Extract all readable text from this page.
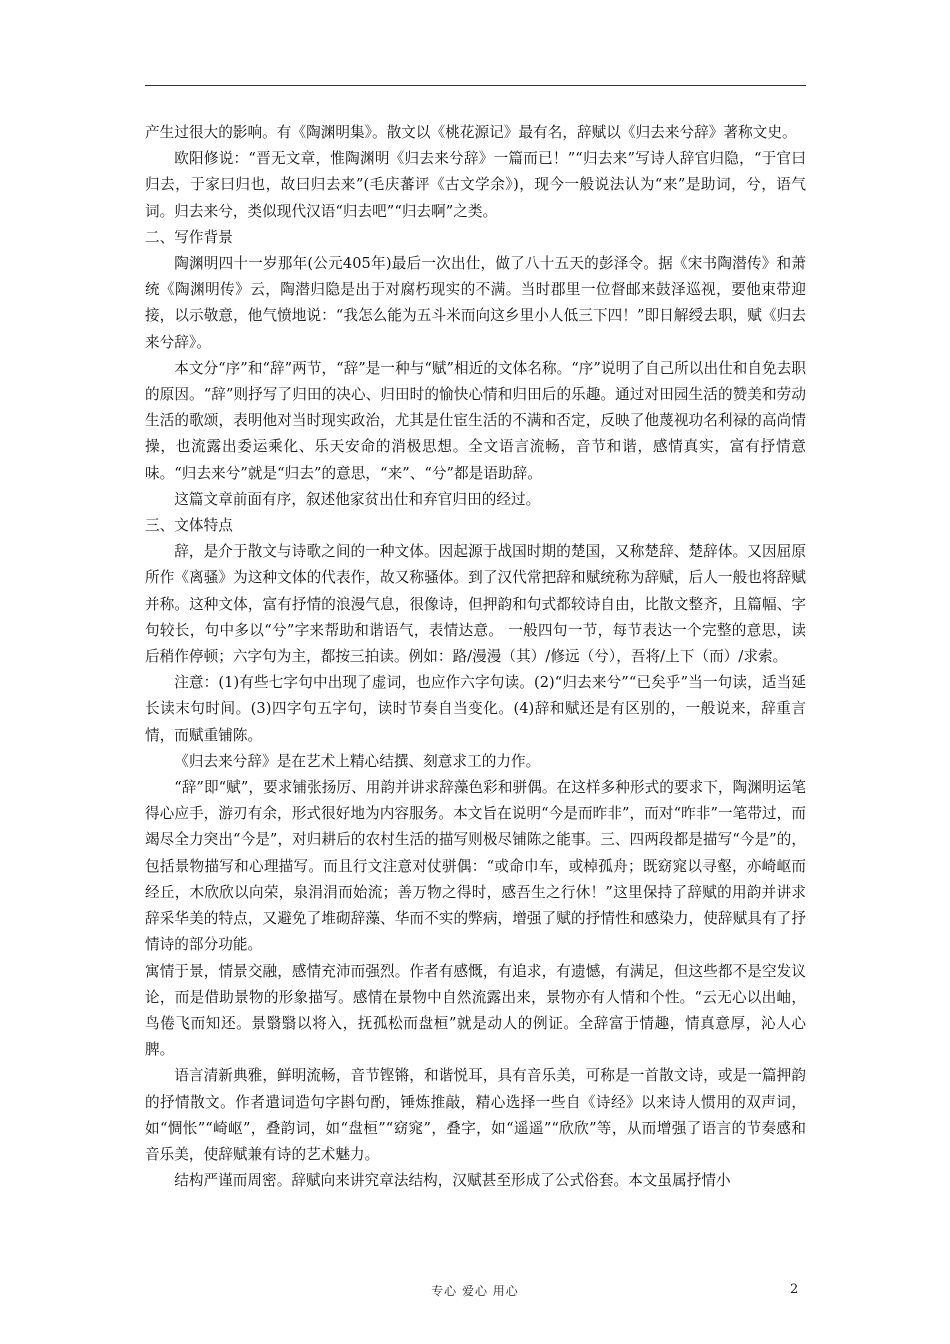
产生过很大的影响。有《陶渊明集》。散文以《桃花源记》最有名，辞赋以《归去来兮辞》著称文史。

欧阳修说：“晋无文章，惟陶渊明《归去来兮辞》一篇而已！”“归去来”写诗人辞官归隐，“于官曰归去，于家曰归也，故曰归去来”(毛庆蕃评《古文学余》)，现今一般说法认为“来”是助词，兮，语气词。归去来兮，类似现代汉语“归去吧”“归去啊”之类。

二、写作背景

陶渊明四十一岁那年(公元405年)最后一次出仕，做了八十五天的彭泽令。据《宋书陶潜传》和萧统《陶渊明传》云，陶潜归隐是出于对腐朽现实的不满。当时郡里一位督邮来鼓泽巡视，要他束带迎接，以示敬意，他气愤地说：“我怎么能为五斗米而向这乡里小人低三下四！”即日解绶去职，赋《归去来兮辞》。

本文分“序”和“辞”两节，“辞”是一种与“赋”相近的文体名称。“序”说明了自己所以出仕和自免去职的原因。“辞”则抒写了归田的决心、归田时的愉快心情和归田后的乐趣。通过对田园生活的赞美和劳动生活的歌颂，表明他对当时现实政治，尤其是仕宦生活的不满和否定，反映了他蔑视功名利禄的高尚情操，也流露出委运乘化、乐天安命的消极思想。全文语言流畅，音节和谐，感情真实，富有抒情意味。“归去来兮”就是“归去”的意思，“来”、“兮”都是语助辞。

这篇文章前面有序，叙述他家贫出仕和弃官归田的经过。

三、文体特点

辞，是介于散文与诗歌之间的一种文体。因起源于战国时期的楚国，又称楚辞、楚辞体。又因屈原所作《离骚》为这种文体的代表作，故又称骚体。到了汉代常把辞和赋统称为辞赋，后人一般也将辞赋并称。这种文体，富有抒情的浪漫气息，很像诗，但押韵和句式都较诗自由，比散文整齐，且篇幅、字句较长，句中多以“兮”字来帮助和谐语气，表情达意。 一般四句一节，每节表达一个完整的意思，读后稍作停顿；六字句为主，都按三拍读。例如：路/漫漫（其）/修远（兮），吾将/上下（而）/求索。

注意：(1)有些七字句中出现了虚词，也应作六字句读。(2)“归去来兮”“已矣乎”当一句读，适当延长读末句时间。(3)四字句五字句，读时节奏自当变化。(4)辞和赋还是有区别的，一般说来，辞重言情，而赋重铺陈。

《归去来兮辞》是在艺术上精心结撰、刻意求工的力作。

“辞”即“赋”，要求铺张扬厉、用韵并讲求辞藻色彩和骈偶。在这样多种形式的要求下，陶渊明运笔得心应手，游刃有余，形式很好地为内容服务。本文旨在说明“今是而昨非”，而对“昨非”一笔带过，而竭尽全力突出“今是”，对归耕后的农村生活的描写则极尽铺陈之能事。三、四两段都是描写“今是”的，包括景物描写和心理描写。而且行文注意对仗骈偶：“或命巾车，或棹孤舟；既窈窕以寻壑，亦崎岖而经丘，木欣欣以向荣，泉涓涓而始流；善万物之得时，感吾生之行休！”这里保持了辞赋的用韵并讲求辞采华美的特点，又避免了堆砌辞藻、华而不实的弊病，增强了赋的抒情性和感染力，使辞赋具有了抒情诗的部分功能。

寓情于景，情景交融，感情充沛而强烈。作者有感慨，有追求，有遗憾，有满足，但这些都不是空发议论，而是借助景物的形象描写。感情在景物中自然流露出来，景物亦有人情和个性。“云无心以出岫，鸟倦飞而知还。景翳翳以将入，抚孤松而盘桓”就是动人的例证。全辞富于情趣，情真意厚，沁人心脾。

语言清新典雅，鲜明流畅，音节铿锵，和谐悦耳，具有音乐美，可称是一首散文诗，或是一篇押韵的抒情散文。作者遣词造句字斟句酌，锤炼推敲，精心选择一些自《诗经》以来诗人惯用的双声词，如“惆怅”“崎岖”，叠韵词，如“盘桓”“窈窕”，叠字，如“遥遥”“欣欣”等，从而增强了语言的节奏感和音乐美，使辞赋兼有诗的艺术魅力。

结构严谨而周密。辞赋向来讲究章法结构，汉赋甚至形成了公式俗套。本文虽属抒情小

专心 爱心 用心	2
